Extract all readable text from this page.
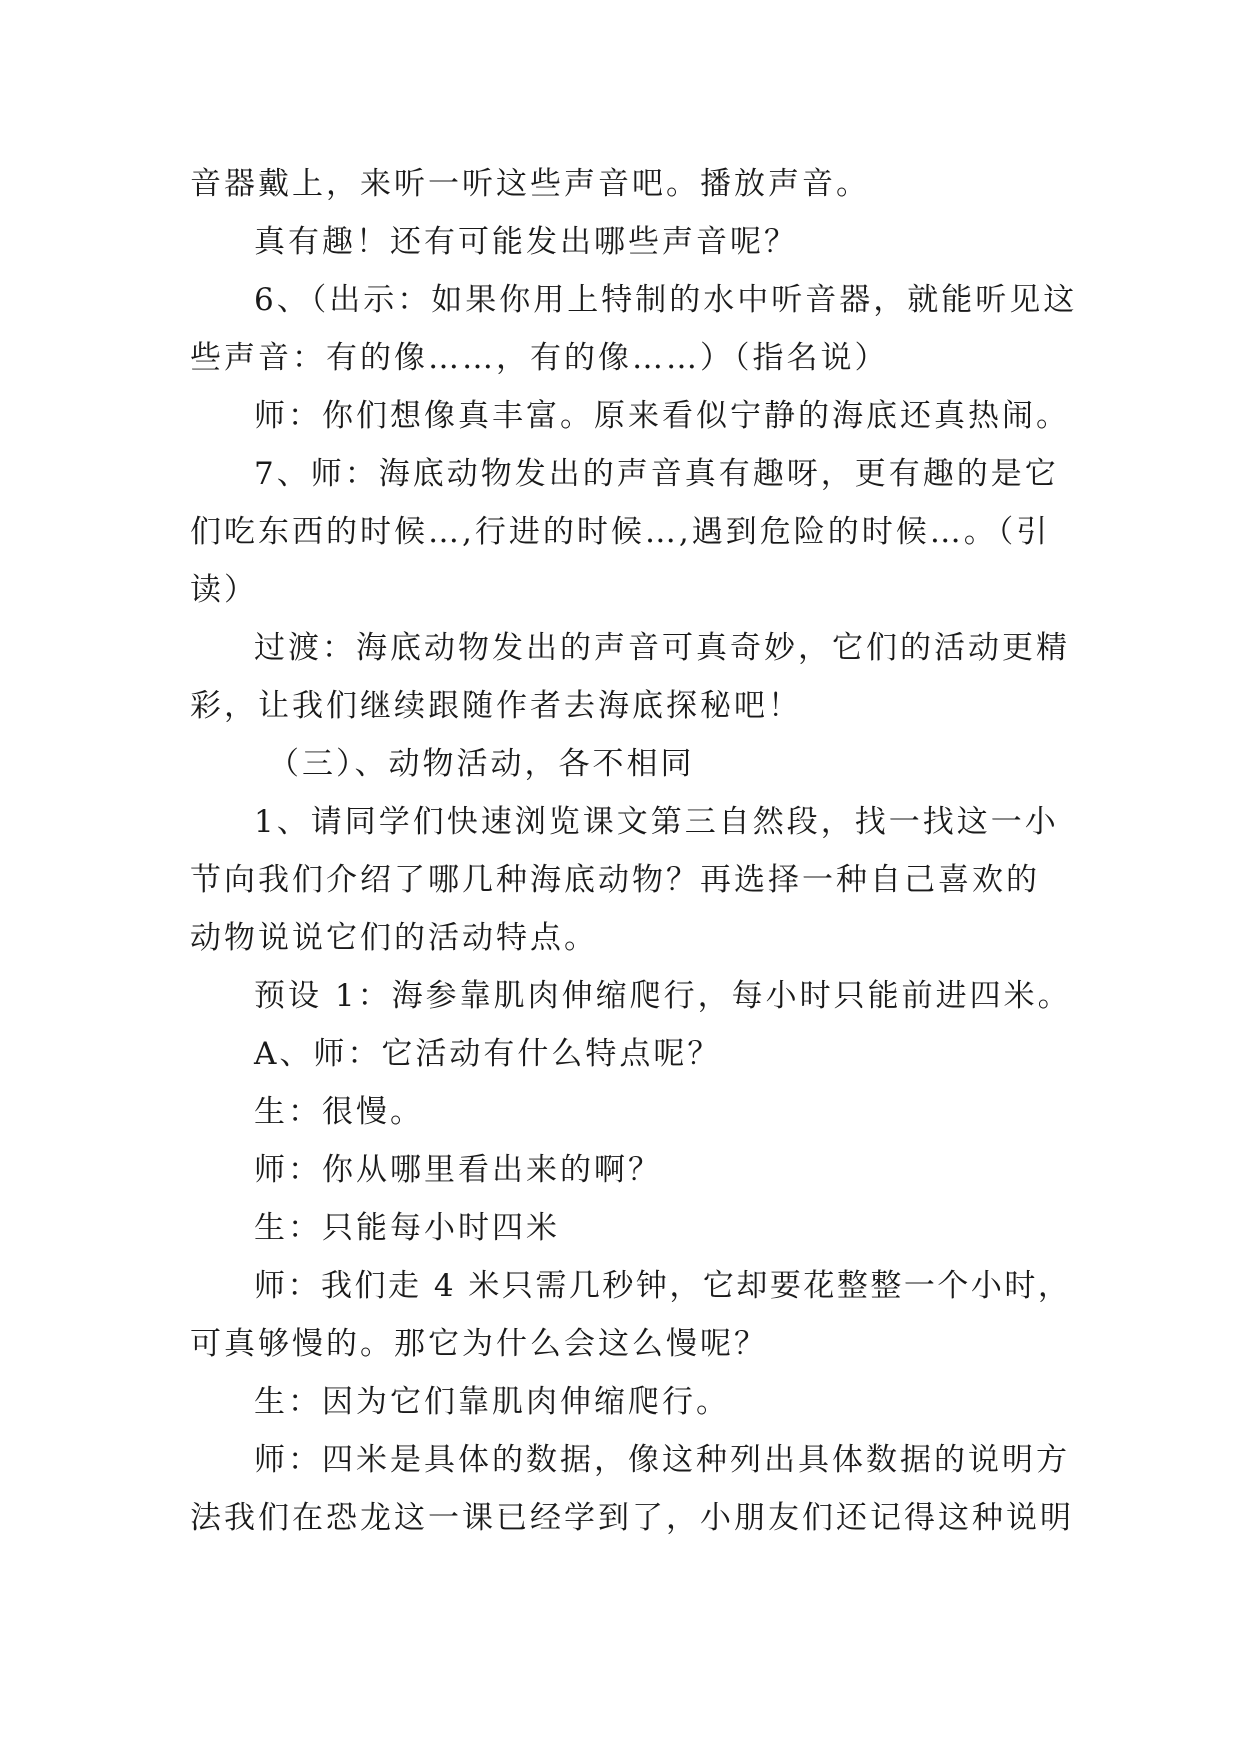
音器戴上，来听一听这些声音吧。播放声音。
真有趣！还有可能发出哪些声音呢？
6、（出示：如果你用上特制的水中听音器，就能听见这
些声音：有的像……，有的像……）（指名说）
师：你们想像真丰富。原来看似宁静的海底还真热闹。
7、师：海底动物发出的声音真有趣呀，更有趣的是它
们吃东西的时候…,行进的时候…,遇到危险的时候…。（引
读）
过渡：海底动物发出的声音可真奇妙，它们的活动更精
彩，让我们继续跟随作者去海底探秘吧！
（三）、动物活动，各不相同
1、请同学们快速浏览课文第三自然段，找一找这一小
节向我们介绍了哪几种海底动物？再选择一种自己喜欢的
动物说说它们的活动特点。
预设 1：海参靠肌肉伸缩爬行，每小时只能前进四米。
A、师：它活动有什么特点呢？
生：很慢。
师：你从哪里看出来的啊？
生：只能每小时四米
师：我们走 4 米只需几秒钟，它却要花整整一个小时，
可真够慢的。那它为什么会这么慢呢？
生：因为它们靠肌肉伸缩爬行。
师：四米是具体的数据，像这种列出具体数据的说明方
法我们在恐龙这一课已经学到了，小朋友们还记得这种说明
